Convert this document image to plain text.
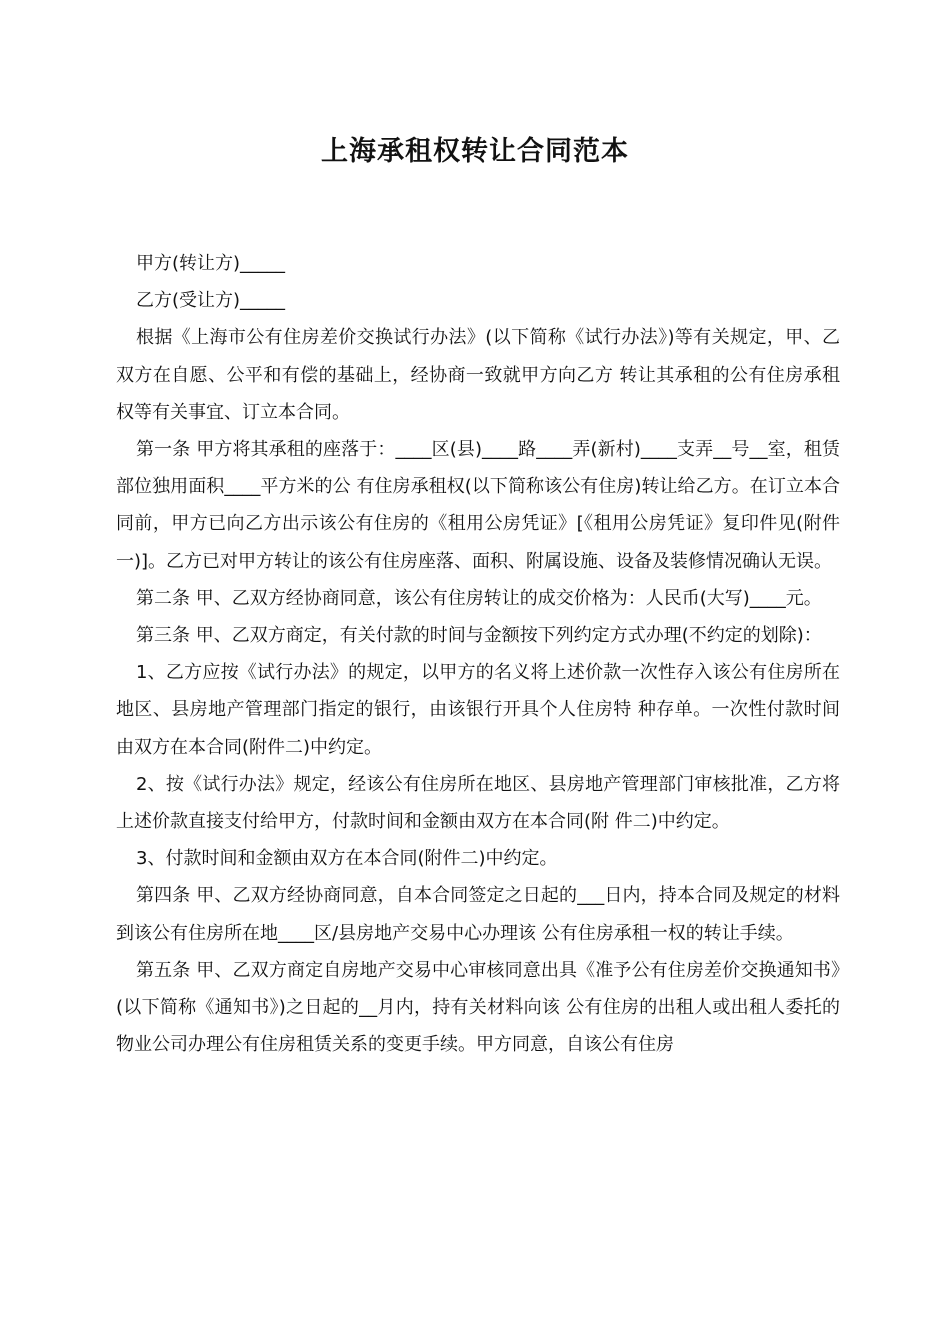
上海承租权转让合同范本

甲方(转让方)_____

乙方(受让方)_____

根据《上海市公有住房差价交换试行办法》(以下简称《试行办法》)等有关规定，甲、乙双方在自愿、公平和有偿的基础上，经协商一致就甲方向乙方 转让其承租的公有住房承租权等有关事宜、订立本合同。

第一条 甲方将其承租的座落于：____区(县)____路____弄(新村)____支弄__号__室，租赁部位独用面积____平方米的公 有住房承租权(以下简称该公有住房)转让给乙方。在订立本合同前，甲方已向乙方出示该公有住房的《租用公房凭证》[《租用公房凭证》复印件见(附件 一)]。乙方已对甲方转让的该公有住房座落、面积、附属设施、设备及装修情况确认无误。

第二条 甲、乙双方经协商同意，该公有住房转让的成交价格为：人民币(大写)____元。

第三条 甲、乙双方商定，有关付款的时间与金额按下列约定方式办理(不约定的划除)：

1、乙方应按《试行办法》的规定，以甲方的名义将上述价款一次性存入该公有住房所在地区、县房地产管理部门指定的银行，由该银行开具个人住房特 种存单。一次性付款时间由双方在本合同(附件二)中约定。

2、按《试行办法》规定，经该公有住房所在地区、县房地产管理部门审核批准，乙方将上述价款直接支付给甲方，付款时间和金额由双方在本合同(附 件二)中约定。

3、付款时间和金额由双方在本合同(附件二)中约定。

第四条 甲、乙双方经协商同意，自本合同签定之日起的___日内，持本合同及规定的材料到该公有住房所在地____区/县房地产交易中心办理该 公有住房承租一权的转让手续。

第五条 甲、乙双方商定自房地产交易中心审核同意出具《准予公有住房差价交换通知书》(以下简称《通知书》)之日起的__月内，持有关材料向该 公有住房的出租人或出租人委托的物业公司办理公有住房租赁关系的变更手续。甲方同意，自该公有住房
